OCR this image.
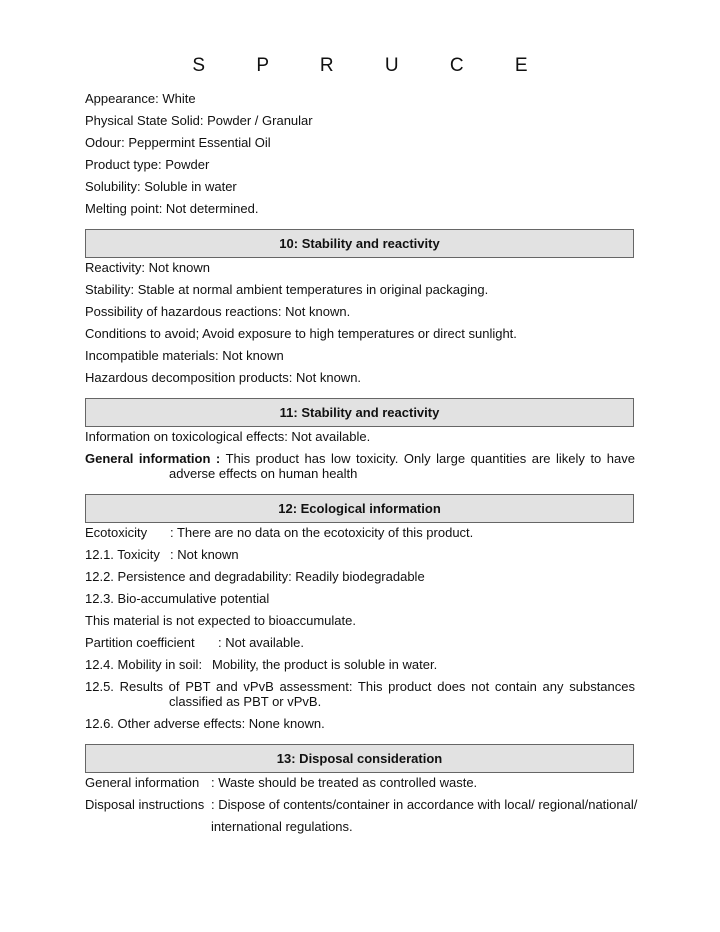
S P R U C E
Appearance: White
Physical State Solid: Powder / Granular
Odour: Peppermint Essential Oil
Product type: Powder
Solubility: Soluble in water
Melting point: Not determined.
10: Stability and reactivity
Reactivity: Not known
Stability: Stable at normal ambient temperatures in original packaging.
Possibility of hazardous reactions: Not known.
Conditions to avoid; Avoid exposure to high temperatures or direct sunlight.
Incompatible materials: Not known
Hazardous decomposition products: Not known.
11: Stability and reactivity
Information on toxicological effects: Not available.
General information : This product has low toxicity. Only large quantities are likely to have
adverse effects on human health
12: Ecological information
Ecotoxicity : There are no data on the ecotoxicity of this product.
12.1. Toxicity : Not known
12.2. Persistence and degradability: Readily biodegradable
12.3. Bio-accumulative potential
This material is not expected to bioaccumulate.
Partition coefficient : Not available.
12.4. Mobility in soil: Mobility, the product is soluble in water.
12.5. Results of PBT and vPvB assessment: This product does not contain any substances
classified as PBT or vPvB.
12.6. Other adverse effects: None known.
13: Disposal consideration
General information : Waste should be treated as controlled waste.
Disposal instructions : Dispose of contents/container in accordance with local/ regional/national/
international regulations.
